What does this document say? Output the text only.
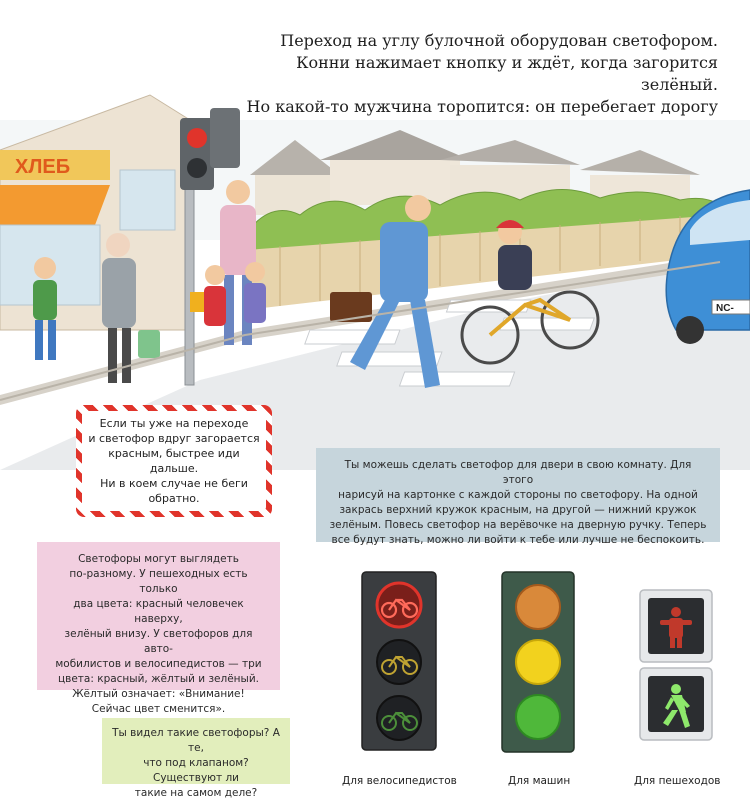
Переход на углу булочной оборудован светофором.
Конни нажимает кнопку и ждёт, когда загорится зелёный.
Но какой-то мужчина торопится: он перебегает дорогу
ХЛЕБ
NC-
Если ты уже на переходе
и светофор вдруг загорается
красным, быстрее иди дальше.
Ни в коем случае не беги
обратно.
Ты можешь сделать светофор для двери в свою комнату. Для этого
нарисуй на картонке с каждой стороны по светофору. На одной
закрась верхний кружок красным, на другой — нижний кружок
зелёным. Повесь светофор на верёвочке на дверную ручку. Теперь
все будут знать, можно ли войти к тебе или лучше не беспокоить.
Светофоры могут выглядеть
по-разному. У пешеходных есть только
два цвета: красный человечек наверху,
зелёный внизу. У светофоров для авто-
мобилистов и велосипедистов — три
цвета: красный, жёлтый и зелёный.
Жёлтый означает: «Внимание!
Сейчас цвет сменится».
Ты видел такие светофоры? А те,
что под клапаном? Существуют ли
такие на самом деле?
Для велосипедистов	Для машин	Для пешеходов
